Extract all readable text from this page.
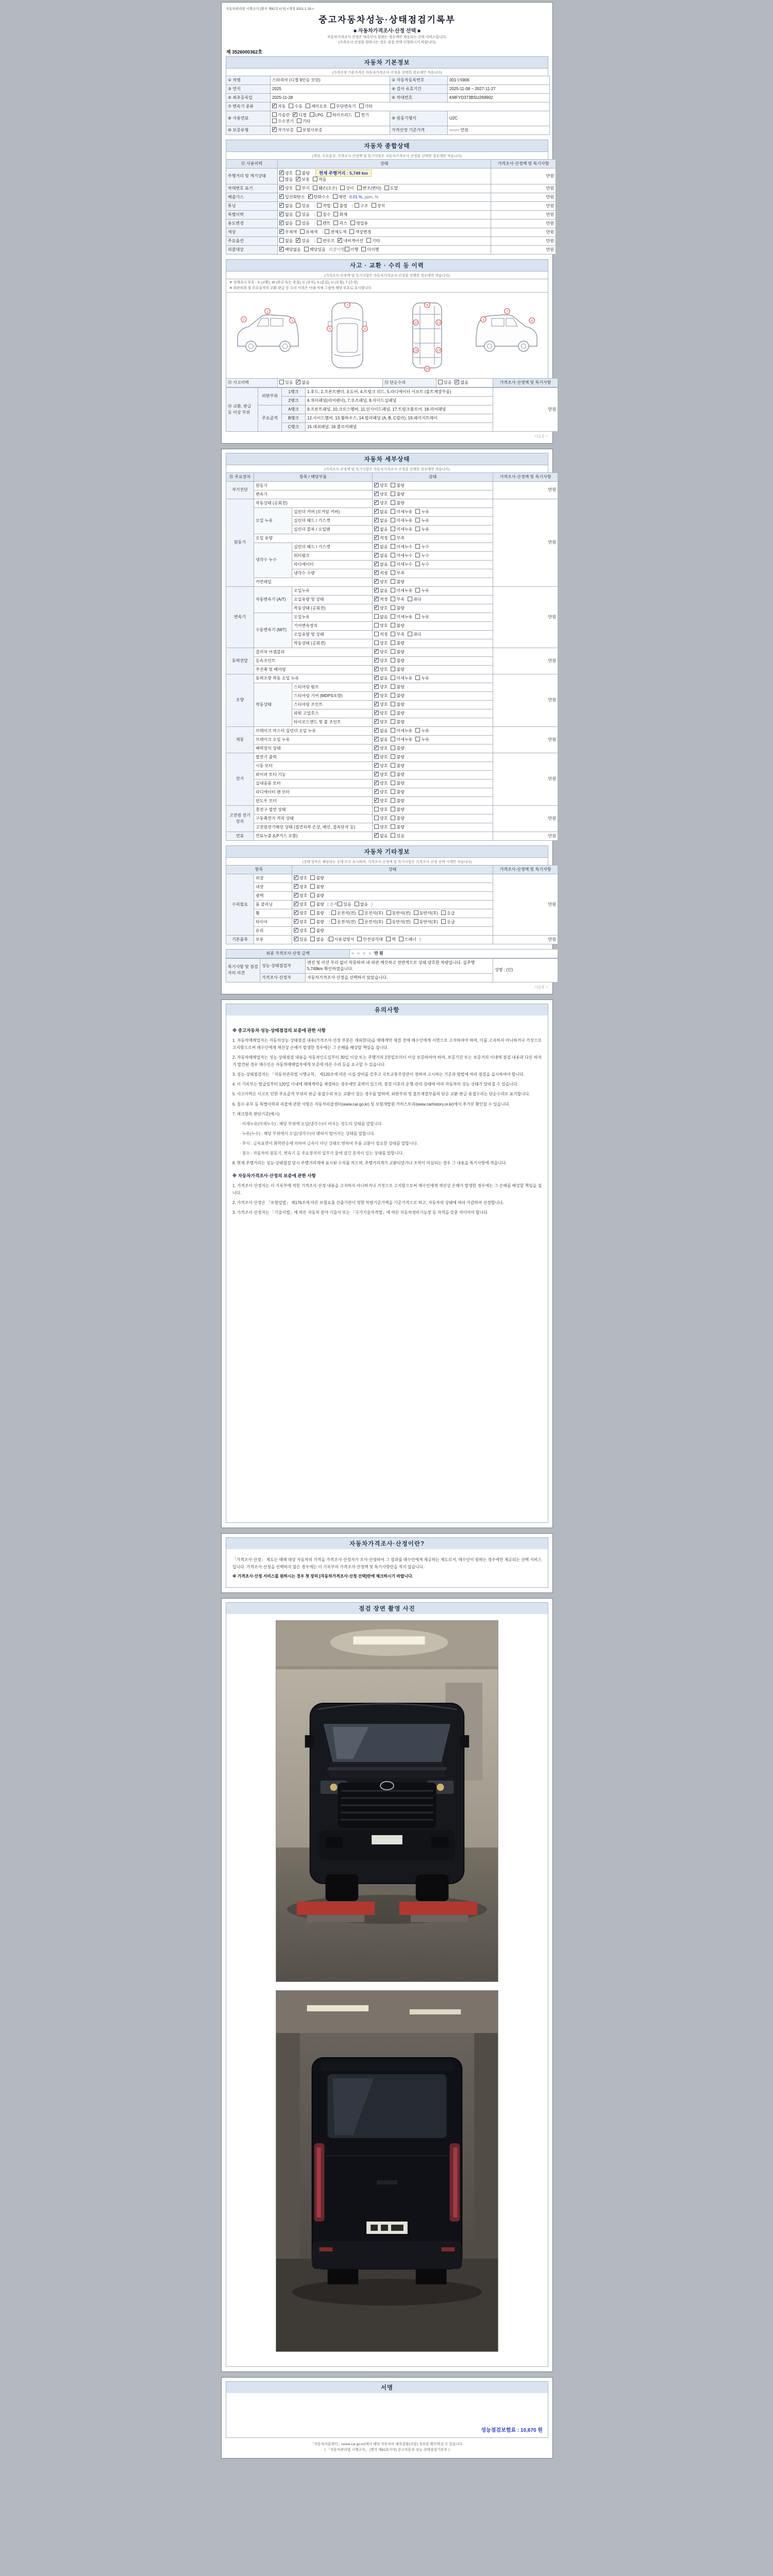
자동차관리법 시행규칙 [별지 제82호서식] <개정 2021.1.19.>
중고자동차성능·상태점검기록부
■ 자동차가격조사·산정 선택 ■
자동차가격조사·산정은 매수인이 원하는 경우에만 제공되는 선택 서비스입니다.
(가격조사·산정을 원하시는 경우 점검 전에 신청하시기 바랍니다)
제 3526000362호
자동차 기본정보
(가격산정 기준가격은 자동차가격조사·산정을 선택한 경우에만 적습니다)
① 차명	스타리아 (디젤 9인승 모던)	② 자동차등록번호	001수5906
③ 연식	2025	④ 검사 유효기간	2025-11-08 ~ 2027-11-27
⑤ 최초등록일	2025-11-28	⑥ 차대번호	KMFYD373BSU269902
⑦ 변속기 종류	✓자동 수동 세미오토 무단변속기 기타
⑧ 사용연료	가솔린 ✓ 디젤 LPG 하이브리드 전기수소전기 기타	⑨ 원동기형식	U2C
⑩ 보증유형	✓자가보증 보험사보증	가격산정 기준가격	○○○○ 만원
자동차 종합상태
(색상, 주요옵션, 가격조사·산정액 및 특기사항은 자동차가격조사·산정을 선택한 경우에만 적습니다)
⑪ 사용이력	상태	가격조사·산정액 및 특기사항
주행거리 및 계기상태	✓양호 불량 현재 주행거리 : 5,749 km
많음 ✓ 보통 적음	만원
차대번호 표기	✓양호 부식 훼손(오손) 상이 변조(변타) 도말	만원
배출가스	✓일산화탄소 ✓ 탄화수소 매연 0.01 %, ppm, %	만원
튜닝	✓없음 있음 | 적법 불법 | 구조 장치	만원
특별이력	✓없음 있음 | 침수 화재	만원
용도변경	✓없음 있음 | 렌트 리스 영업용	만원
색상	✓무채색 유채색 | 전체도색 색상변경	만원
주요옵션	없음 ✓ 있음 | 썬루프 ✓ 네비게이션 기타	만원
리콜대상	✓해당없음 해당있음 리콜이행 이행 미이행	만원
사고 · 교환 · 수리 등 이력
(가격조사·산정액 및 특기사항은 자동차가격조사·산정을 선택한 경우에만 적습니다)
※ 상태표시 부호 : X (교환), W (판금 또는 용접), C (부식), A (흠집), U (요철), T (손상)
※ 외판부위 및 주요골격의 교환·판금 등 수리 이력은 아래 차체 그림에 해당 부호로 표시합니다.
2
1
3
7
5	4
9
10	12
16	17
15
3
7
6
⑫ 사고이력	있음 ✓ 없음	⑬ 단순수리	있음 ✓ 없음	가격조사·산정액 및 특기사항
⑭ 교환, 판금 등 이상 부위	외판부위	1랭크	1.후드, 2.프론트펜더, 3.도어, 4.트렁크 리드, 5.라디에이터 서포트 (볼트체결부품)	만원
		2랭크	6.쿼터패널(리어펜더), 7.루프패널, 8.사이드실패널	
	주요골격	A랭크	9.프론트패널, 10.크로스멤버, 11.인사이드패널, 17.트렁크플로어, 18.리어패널	
		B랭크	12.사이드멤버, 13.휠하우스, 14.필러패널 (A, B, C필러), 19.패키지트레이	
		C랭크	15.대쉬패널, 16.플로어패널	
다음장 ☞
자동차 세부상태
(가격조사·산정액 및 특기사항은 자동차가격조사·산정을 선택한 경우에만 적습니다)
⑮ 주요장치	항목 / 해당부품		상태	가격조사·산정액 및 특기사항
자기진단	원동기	✓양호 불량	만원
	변속기	✓양호 불량
원동기	작동상태 (공회전)	✓양호 불량	만원
	오일 누유	실린더 커버 (로커암 커버)	✓없음 미세누유 누유
		실린더 헤드 / 가스켓	✓없음 미세누유 누유
		실린더 블록 / 오일팬	✓없음 미세누유 누유
	오일 유량	✓적정 부족
	냉각수 누수	실린더 헤드 / 가스켓	✓없음 미세누수 누수
		워터펌프	✓없음 미세누수 누수
		라디에이터	✓없음 미세누수 누수
		냉각수 수량	✓적정 부족
	커먼레일	✓양호 불량
변속기	자동변속기 (A/T)	오일누유	✓없음 미세누유 누유	만원
		오일유량 및 상태	✓적정 부족 과다
		작동상태 (공회전)	✓양호 불량
	수동변속기 (M/T)	오일누유	없음 미세누유 누유	
		기어변속장치	양호 불량	
		오일유량 및 상태	적정 부족 과다	
		작동상태 (공회전)	양호 불량	
동력전달	클러치 어셈블리	✓양호 불량	만원
	등속조인트	✓양호 불량
	추진축 및 베어링	✓양호 불량
조향	동력조향 작동 오일 누유	✓없음 미세누유 누유	만원
	작동상태	스티어링 펌프	✓양호 불량
		스티어링 기어 (MDPS포함)	✓양호 불량
		스티어링 조인트	✓양호 불량
		파워 고압호스	✓양호 불량
		타이로드엔드 및 볼 조인트	✓양호 불량
제동	브레이크 마스터 실린더 오일 누유	✓없음 미세누유 누유	만원
	브레이크 오일 누유	✓없음 미세누유 누유
	배력장치 상태	✓양호 불량
전기	발전기 출력	✓양호 불량	만원
	시동 모터	✓양호 불량
	와이퍼 모터 기능	✓양호 불량
	실내송풍 모터	✓양호 불량
	라디에이터 팬 모터	✓양호 불량
	윈도우 모터	✓양호 불량
고전원 전기장치	충전구 절연 상태		양호 불량	만원
	구동축전지 격리 상태		양호 불량	
	고전원전기배선 상태 (절연피복 손상, 배선, 접속단자 등)		양호 불량	
연료	연료누출 (LP가스 포함)	✓없음 있음	만원
자동차 기타정보
(상태 항목은 해당되는 곳에 모두 표시하며, 가격조사·산정액 및 특기사항은 가격조사·산정 선택 시에만 적습니다)
항목		상태	가격조사·산정액 및 특기사항
수리필요	외장	✓양호 불량	만원
	내장	✓양호 불량
	광택	✓양호 불량
	룸 클리닝	✓양호 불량 ( 흔적 있음 없음 )
	휠	✓양호 불량 | 운전석(전) 운전석(후) 동반석(전) 동반석(후) 응급
	타이어	✓양호 불량 | 운전석(전) 운전석(후) 동반석(전) 동반석(후) 응급
	유리	✓양호 불량
기본품목	보유	✓있음 없음 ( 사용설명서 안전삼각대 잭 스패너 )	만원
최종 가격조사·산정 금액	○ ○ ○ ○ 만원
특기사항 및 점검자의 의견	성능·상태점검자	엔진 및 미션 무리 없이 작동하며 내·외관 깨끗하고 전반적으로 상태 양호한 차량입니다. 실주행 5,749km 확인하였습니다.	성명 : (인)
	가격조사·산정자	자동차가격조사·산정을 선택하지 않았습니다.	
다음장 ☞
유의사항
※ 중고자동차 성능·상태점검의 보증에 관한 사항
1. 자동차매매업자는 자동차성능·상태점검 내용(가격조사·산정 부분은 제외한다)을 매매계약 체결 전에 매수인에게 서면으로 고지하여야 하며, 이를 고지하지 아니하거나 거짓으로 고지함으로써 매수인에게 재산상 손해가 발생한 경우에는 그 손해를 배상할 책임을 집니다.
2. 자동차매매업자는 성능·상태점검 내용을 자동차인도일부터 30일 이상 또는 주행거리 2천킬로미터 이상 보증하여야 하며, 보증기간 또는 보증거리 이내에 점검 내용과 다른 하자가 발견된 경우 매수인은 자동차매매업자에게 보증에 따른 수리 등을 요구할 수 있습니다.
3. 성능·상태점검자는 「자동차관리법 시행규칙」 제120조에 따른 시설·장비를 갖추고 국토교통부장관이 정하여 고시하는 기준과 방법에 따라 점검을 실시하여야 합니다.
4. 이 기록부는 발급일부터 120일 이내에 매매계약을 체결하는 경우에만 효력이 있으며, 점검 이후의 운행·관리 상태에 따라 자동차의 성능·상태가 달라질 수 있습니다.
5. 사고이력은 사고로 인한 주요골격 부위의 판금·용접수리 또는 교환이 있는 경우를 말하며, 외판부위 및 볼트체결부품의 단순 교환·판금·용접수리는 단순수리로 표기합니다.
6. 침수 유무 등 특별이력과 리콜에 관한 사항은 자동차리콜센터(www.car.go.kr) 및 보험개발원 카히스토리(www.carhistory.or.kr)에서 추가로 확인할 수 있습니다.
7. 체크항목 판단기준(예시)
· 미세누유(미세누수) : 해당 부위에 오일(냉각수)이 비치는 정도의 상태를 말합니다.
· 누유(누수) : 해당 부위에서 오일(냉각수)이 맺혀서 떨어지는 상태를 말합니다.
· 부식 : 금속표면이 화학반응에 의하여 금속이 아닌 상태로 변하여 부품 교환이 필요한 상태를 말합니다.
· 침수 : 자동차의 원동기, 변속기 등 주요장치의 일부가 물에 잠긴 흔적이 있는 상태를 말합니다.
8. 현재 주행거리는 성능·상태점검 당시 주행거리계에 표시된 수치를 적으며, 주행거리계가 교환되었거나 조작이 의심되는 경우 그 내용을 특기사항에 적습니다.
※ 자동차가격조사·산정의 보증에 관한 사항
1. 가격조사·산정자는 이 기록부에 적힌 가격조사·산정 내용을 고지하지 아니하거나 거짓으로 고지함으로써 매수인에게 재산상 손해가 발생한 경우에는 그 손해를 배상할 책임을 집니다.
2. 가격조사·산정은 「보험업법」 제176조에 따른 보험요율 산출기관이 정한 차량기준가액을 기준가격으로 하고, 자동차의 상태에 따라 가감하여 산정합니다.
3. 가격조사·산정자는 「기술사법」에 따른 자동차 분야 기술사 또는 「국가기술자격법」에 따른 자동차정비기능장 등 자격을 갖춘 자이어야 합니다.
자동차가격조사·산정이란?

「가격조사·산정」 제도는 매매 대상 자동차의 가격을 가격조사·산정자가 조사·산정하여 그 결과를 매수인에게 제공하는 제도로서, 매수인이 원하는 경우에만 제공되는 선택 서비스입니다. 가격조사·산정을 선택하지 않은 경우에는 이 기록부의 가격조사·산정액 및 특기사항란을 적지 않습니다.

※ 가격조사·산정 서비스를 원하시는 경우 첫 장의 [자동차가격조사·산정 선택]란에 체크하시기 바랍니다.

점검 장면 촬영 사진
서명
성능점검보험료 : 10,670 원
「자동차리콜센터」(www.car.go.kr)에서 해당 자동차의 제작결함(리콜) 정보를 확인하실 수 있습니다.
《 「자동차관리법 시행규칙」 [별지 제82호서식] 중고자동차 성능·상태점검기록부 》
